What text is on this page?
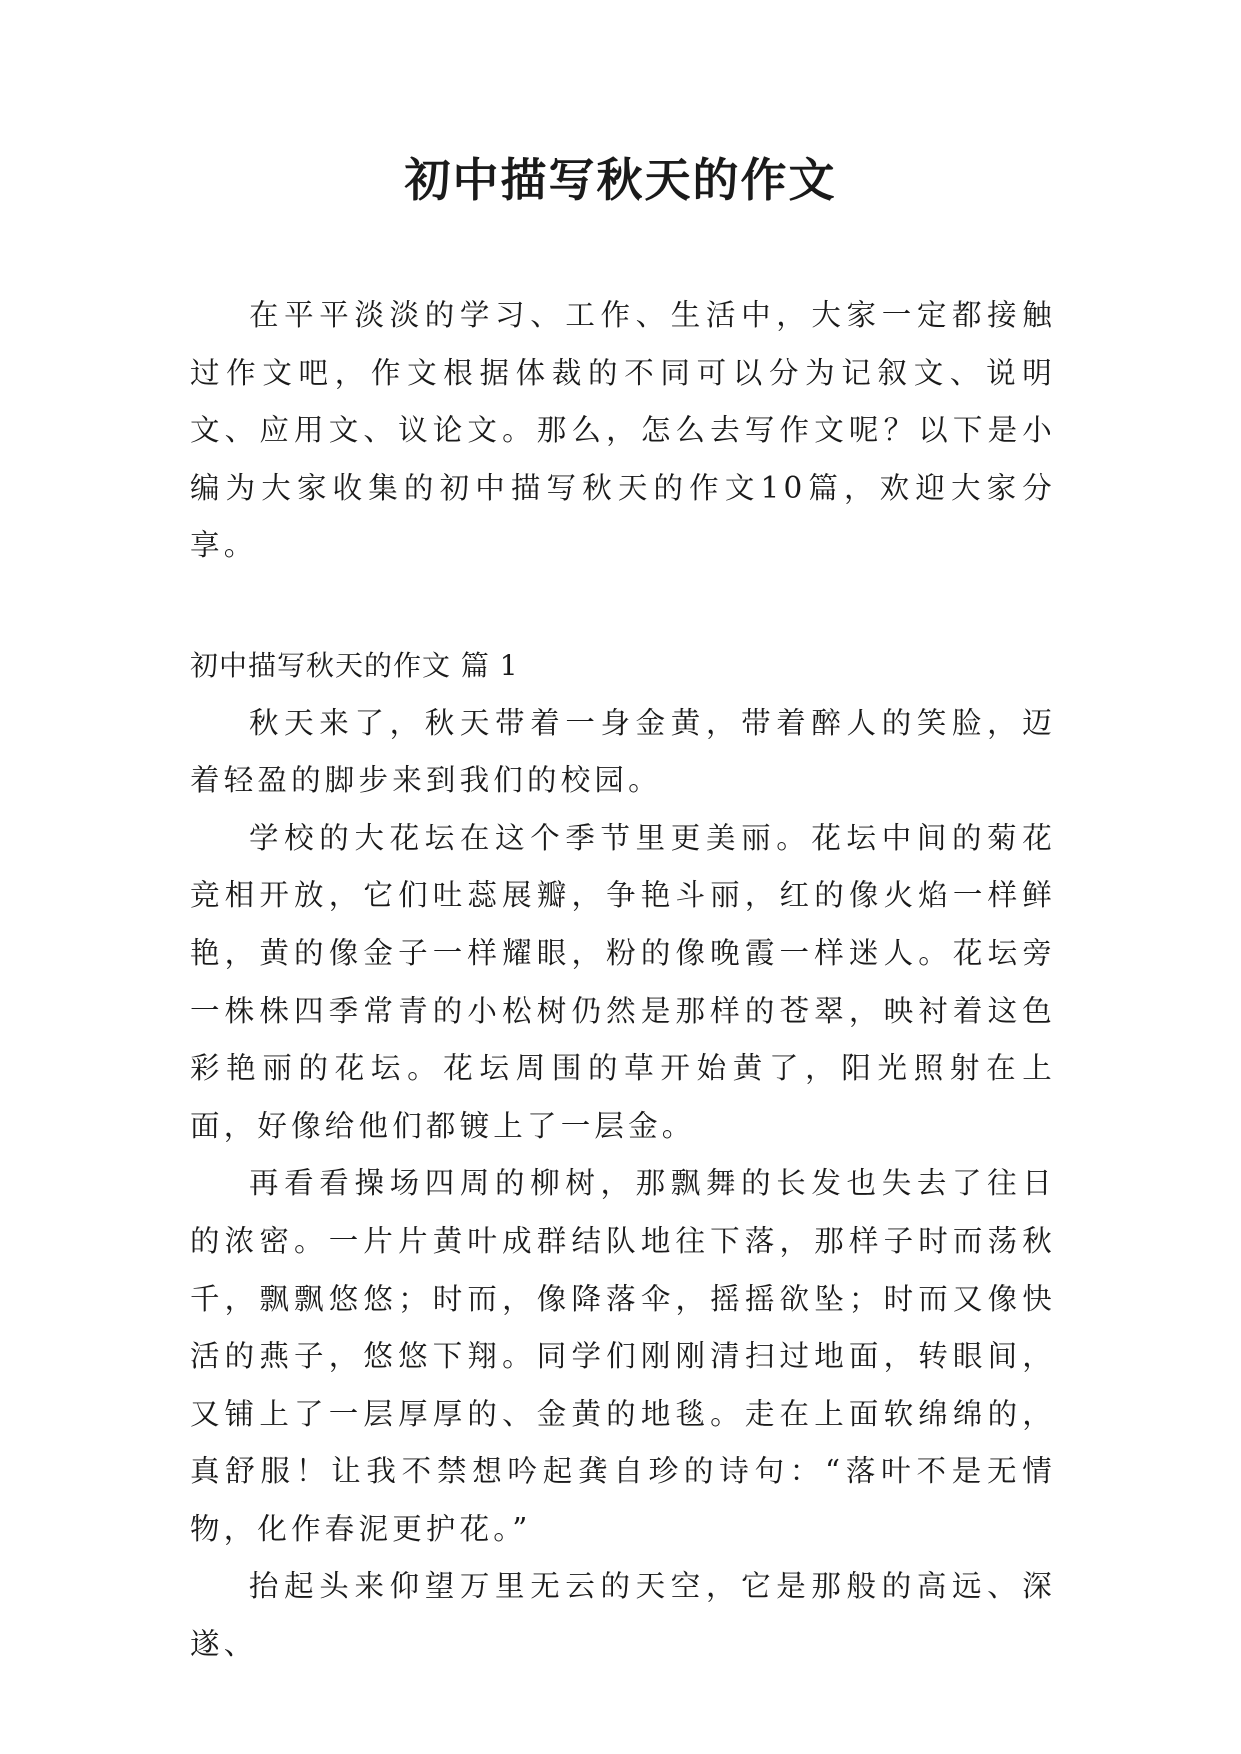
初中描写秋天的作文

在平平淡淡的学习、工作、生活中，大家一定都接触过作文吧，作文根据体裁的不同可以分为记叙文、说明文、应用文、议论文。那么，怎么去写作文呢？以下是小编为大家收集的初中描写秋天的作文10篇，欢迎大家分享。

初中描写秋天的作文 篇 1

秋天来了，秋天带着一身金黄，带着醉人的笑脸，迈着轻盈的脚步来到我们的校园。

学校的大花坛在这个季节里更美丽。花坛中间的菊花竞相开放，它们吐蕊展瓣，争艳斗丽，红的像火焰一样鲜艳，黄的像金子一样耀眼，粉的像晚霞一样迷人。花坛旁一株株四季常青的小松树仍然是那样的苍翠，映衬着这色彩艳丽的花坛。花坛周围的草开始黄了，阳光照射在上面，好像给他们都镀上了一层金。

再看看操场四周的柳树，那飘舞的长发也失去了往日的浓密。一片片黄叶成群结队地往下落，那样子时而荡秋千，飘飘悠悠；时而，像降落伞，摇摇欲坠；时而又像快活的燕子，悠悠下翔。同学们刚刚清扫过地面，转眼间，又铺上了一层厚厚的、金黄的地毯。走在上面软绵绵的，真舒服！让我不禁想吟起龚自珍的诗句：“落叶不是无情物，化作春泥更护花。”

抬起头来仰望万里无云的天空，它是那般的高远、深遂、
